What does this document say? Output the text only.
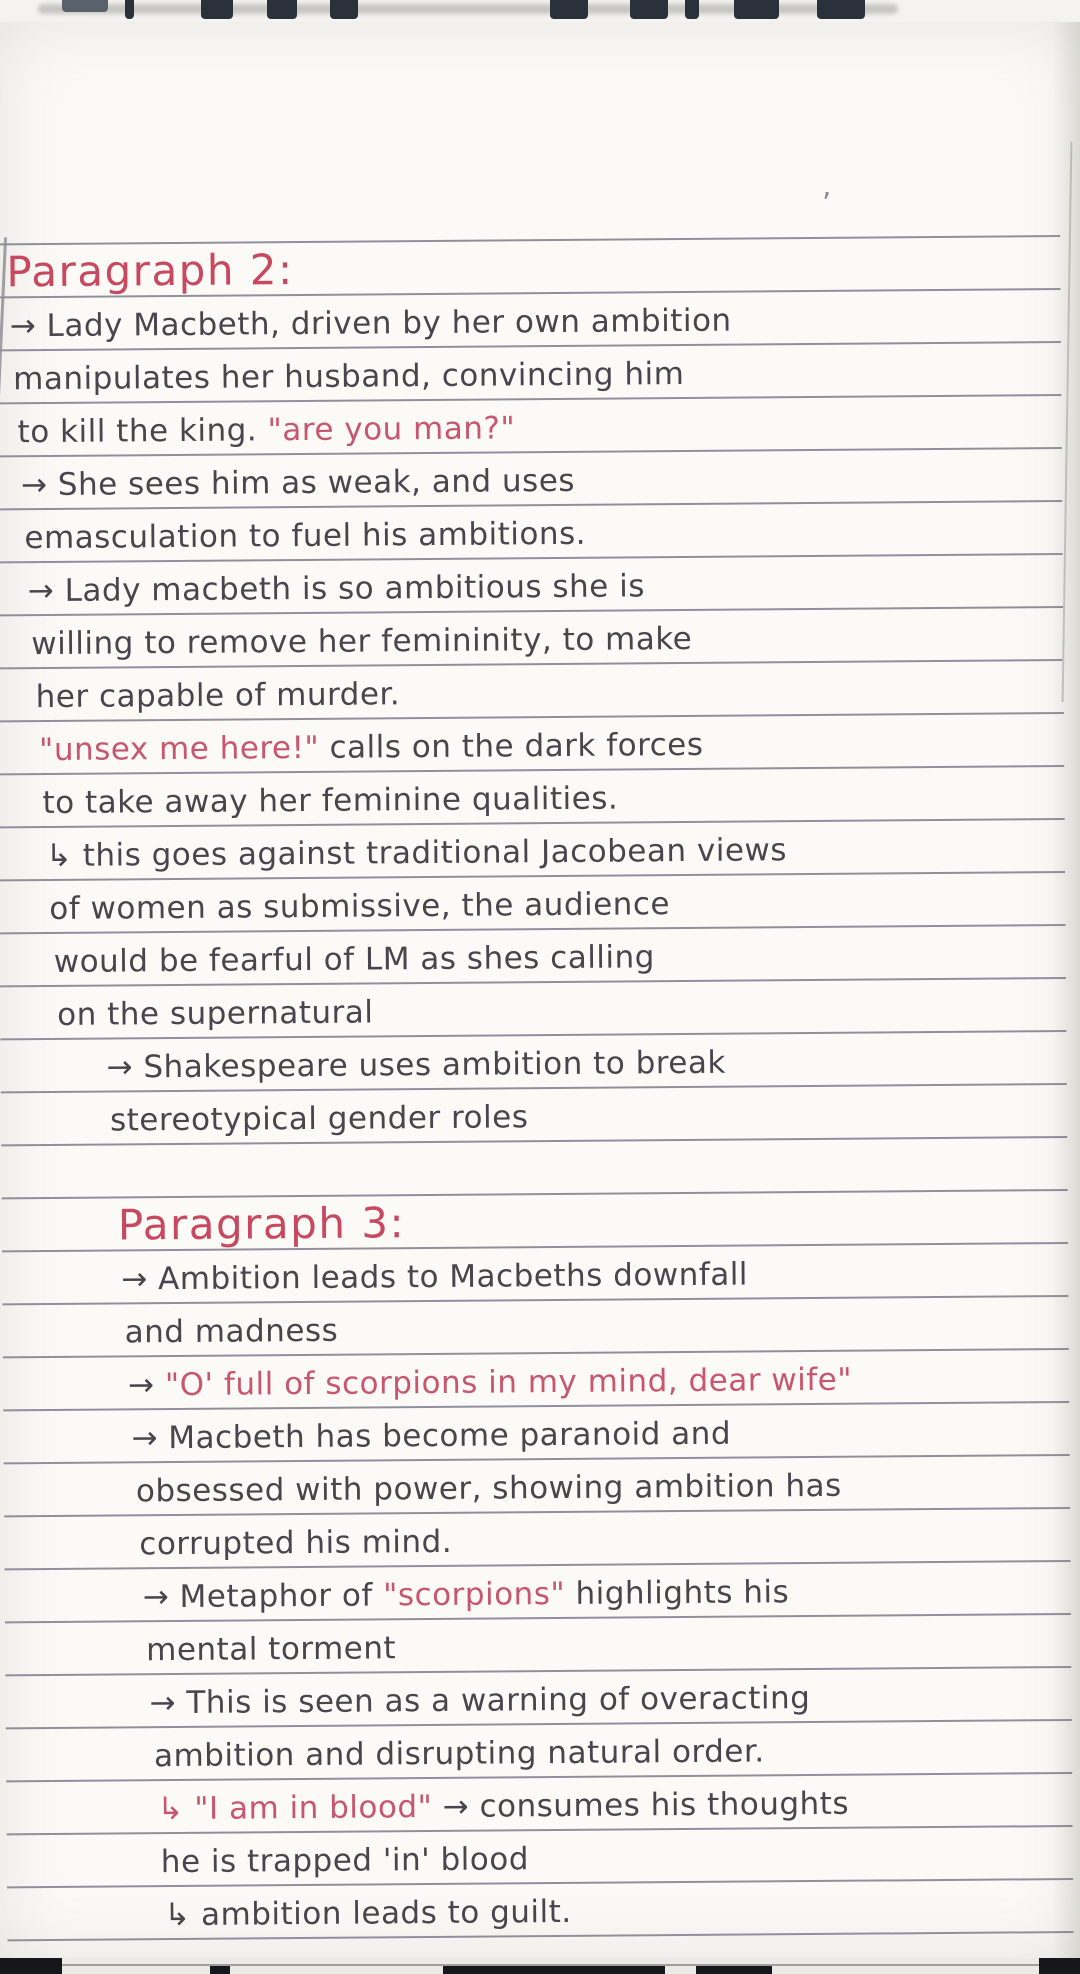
Paragraph 2:
→ Lady Macbeth, driven by her own ambition
manipulates her husband, convincing him
to kill the king. "are you man?"
→ She sees him as weak, and uses
emasculation to fuel his ambitions.
→ Lady macbeth is so ambitious she is
willing to remove her femininity, to make
her capable of murder.
"unsex me here!" calls on the dark forces
to take away her feminine qualities.
↳ this goes against traditional Jacobean views
of women as submissive, the audience
would be fearful of LM as shes calling
on the supernatural
→ Shakespeare uses ambition to break
stereotypical gender roles
Paragraph 3:
→ Ambition leads to Macbeths downfall
and madness
→ "O' full of scorpions in my mind, dear wife"
→ Macbeth has become paranoid and
obsessed with power, showing ambition has
corrupted his mind.
→ Metaphor of "scorpions" highlights his
mental torment
→ This is seen as a warning of overacting
ambition and disrupting natural order.
↳ "I am in blood" → consumes his thoughts
he is trapped 'in' blood
↳ ambition leads to guilt.
’
